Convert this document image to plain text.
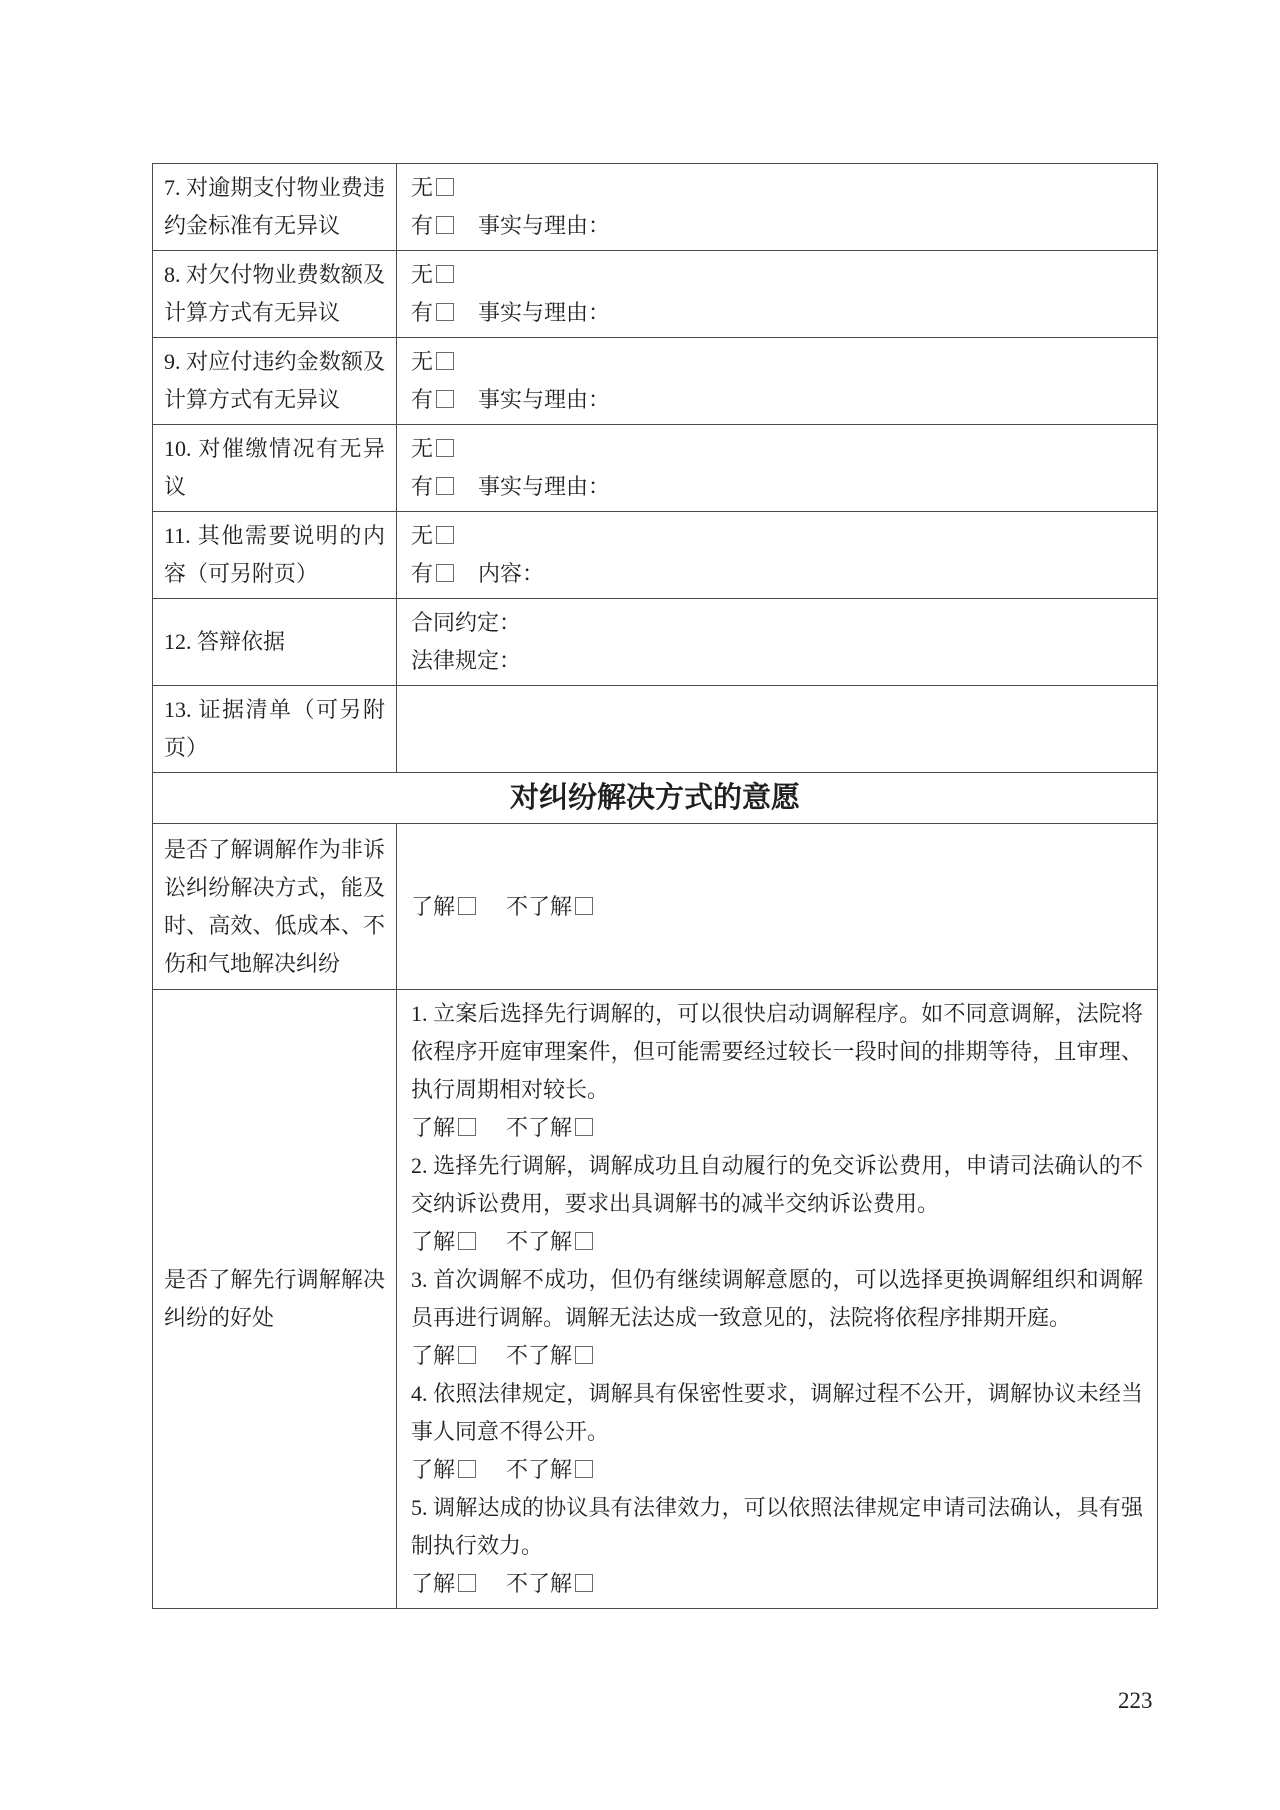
7. 对逾期支付物业费违约金标准有无异议
无
有 事实与理由：
8. 对欠付物业费数额及计算方式有无异议
无
有 事实与理由：
9. 对应付违约金数额及计算方式有无异议
无
有 事实与理由：
10. 对催缴情况有无异议
无
有 事实与理由：
11. 其他需要说明的内容（可另附页）
无
有 内容：
12. 答辩依据
合同约定：
法律规定：
13. 证据清单（可另附页）
对纠纷解决方式的意愿
是否了解调解作为非诉讼纠纷解决方式，能及时、高效、低成本、不伤和气地解决纠纷
了解 不了解
是否了解先行调解解决纠纷的好处

1. 立案后选择先行调解的，可以很快启动调解程序。如不同意调解，法院将依程序开庭审理案件，但可能需要经过较长一段时间的排期等待，且审理、执行周期相对较长。

了解 不了解

2. 选择先行调解，调解成功且自动履行的免交诉讼费用，申请司法确认的不交纳诉讼费用，要求出具调解书的减半交纳诉讼费用。

了解 不了解

3. 首次调解不成功，但仍有继续调解意愿的，可以选择更换调解组织和调解员再进行调解。调解无法达成一致意见的，法院将依程序排期开庭。

了解 不了解

4. 依照法律规定，调解具有保密性要求，调解过程不公开，调解协议未经当事人同意不得公开。

了解 不了解

5. 调解达成的协议具有法律效力，可以依照法律规定申请司法确认，具有强制执行效力。

了解 不了解
223
